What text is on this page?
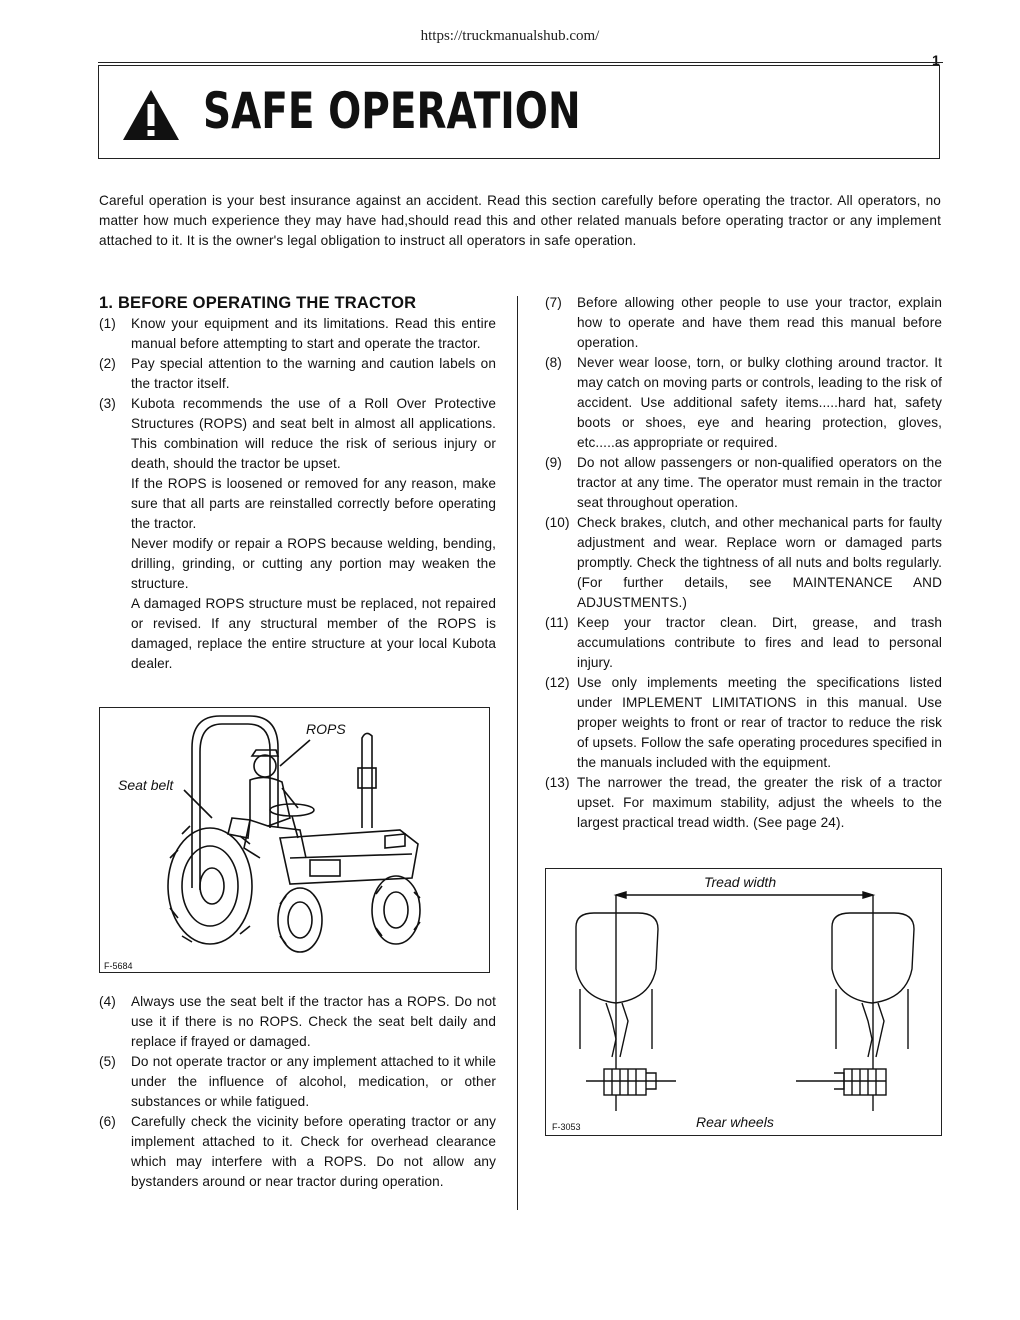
https://truckmanualshub.com/
1
SAFE OPERATION
Careful operation is your best insurance against an accident. Read this section carefully before operating the tractor. All operators, no matter how much experience they may have had,should read this and other related manuals before operating tractor or any implement attached to it. It is the owner's legal obligation to instruct all operators in safe operation.
1. BEFORE OPERATING THE TRACTOR
(1) Know your equipment and its limitations. Read this entire manual before attempting to start and operate the tractor.

(2) Pay special attention to the warning and caution labels on the tractor itself.

(3) Kubota recommends the use of a Roll Over Protective Structures (ROPS) and seat belt in almost all applications. This combination will reduce the risk of serious injury or death, should the tractor be upset.

If the ROPS is loosened or removed for any reason, make sure that all parts are reinstalled correctly before operating the tractor.

Never modify or repair a ROPS because welding, bending, drilling, grinding, or cutting any portion may weaken the structure.

A damaged ROPS structure must be replaced, not repaired or revised. If any structural member of the ROPS is damaged, replace the entire structure at your local Kubota dealer.

ROPS
Seat belt
F-5684
(4) Always use the seat belt if the tractor has a ROPS. Do not use it if there is no ROPS. Check the seat belt daily and replace if frayed or damaged.

(5) Do not operate tractor or any implement attached to it while under the influence of alcohol, medication, or other substances or while fatigued.

(6) Carefully check the vicinity before operating tractor or any implement attached to it. Check for overhead clearance which may interfere with a ROPS. Do not allow any bystanders around or near tractor during operation.

(7) Before allowing other people to use your tractor, explain how to operate and have them read this manual before operation.

(8) Never wear loose, torn, or bulky clothing around tractor. It may catch on moving parts or controls, leading to the risk of accident. Use additional safety items.....hard hat, safety boots or shoes, eye and hearing protection, gloves, etc.....as appropriate or required.

(9) Do not allow passengers or non-qualified operators on the tractor at any time. The operator must remain in the tractor seat throughout operation.

(10) Check brakes, clutch, and other mechanical parts for faulty adjustment and wear. Replace worn or damaged parts promptly. Check the tightness of all nuts and bolts regularly. (For further details, see MAINTENANCE AND ADJUSTMENTS.)

(11) Keep your tractor clean. Dirt, grease, and trash accumulations contribute to fires and lead to personal injury.

(12) Use only implements meeting the specifications listed under IMPLEMENT LIMITATIONS in this manual. Use proper weights to front or rear of tractor to reduce the risk of upsets. Follow the safe operating procedures specified in the manuals included with the equipment.

(13) The narrower the tread, the greater the risk of a tractor upset. For maximum stability, adjust the wheels to the largest practical tread width. (See page 24).

Tread width
Rear wheels
F-3053
